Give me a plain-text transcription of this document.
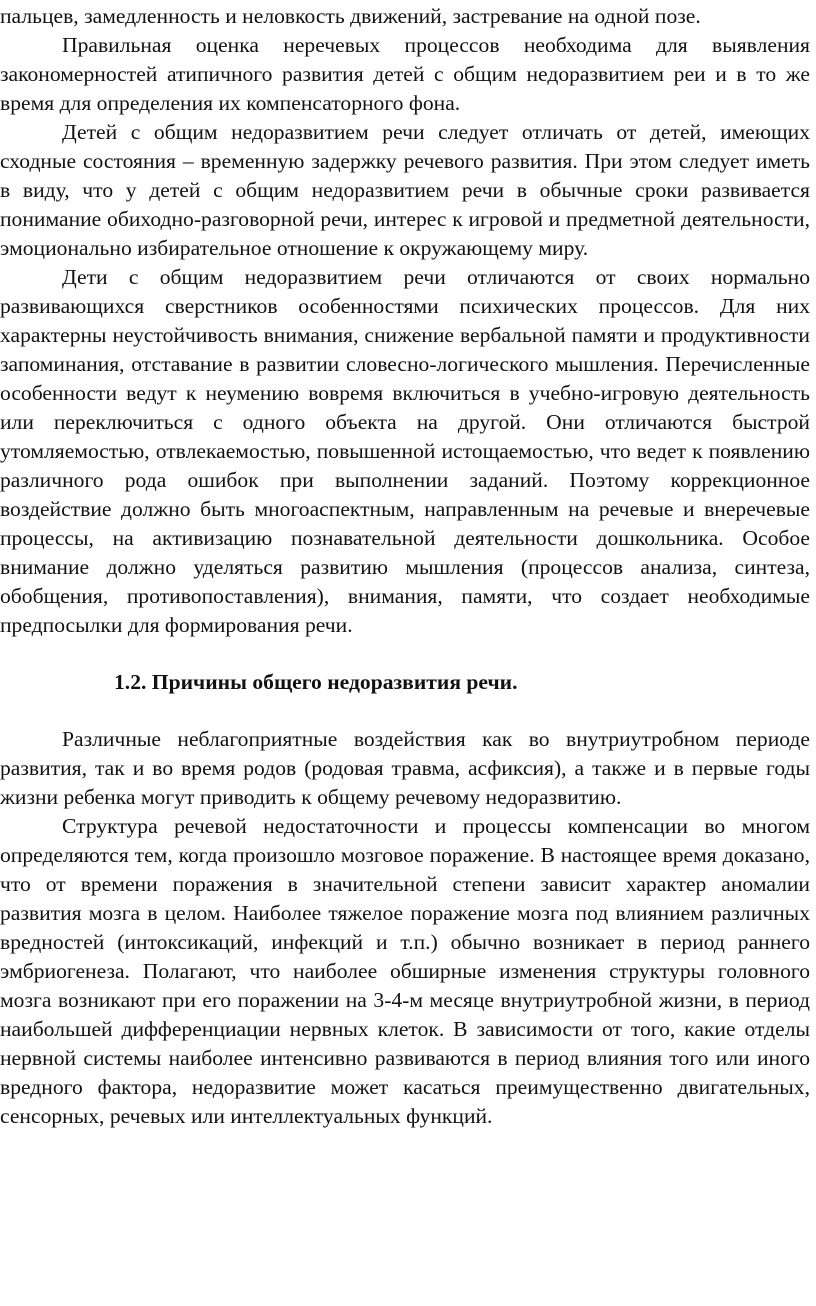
пальцев, замедленность и неловкость движений, застревание на одной позе.

Правильная оценка неречевых процессов необходима для выявления закономерностей атипичного развития детей с общим недоразвитием реи и в то же время для определения их компенсаторного фона.

Детей с общим недоразвитием речи следует отличать от детей, имеющих сходные состояния – временную задержку речевого развития. При этом следует иметь в виду, что у детей с общим недоразвитием речи в обычные сроки развивается понимание обиходно-разговорной речи, интерес к игровой и предметной деятельности, эмоционально избирательное отношение к окружающему миру.

Дети с общим недоразвитием речи отличаются от своих нормально развивающихся сверстников особенностями психических процессов. Для них характерны неустойчивость внимания, снижение вербальной памяти и продуктивности запоминания, отставание в развитии словесно-логического мышления. Перечисленные особенности ведут к неумению вовремя включиться в учебно-игровую деятельность или переключиться с одного объекта на другой. Они отличаются быстрой утомляемостью, отвлекаемостью, повышенной истощаемостью, что ведет к появлению различного рода ошибок при выполнении заданий. Поэтому коррекционное воздействие должно быть многоаспектным, направленным на речевые и внеречевые процессы, на активизацию познавательной деятельности дошкольника. Особое внимание должно уделяться развитию мышления (процессов анализа, синтеза, обобщения, противопоставления), внимания, памяти, что создает необходимые предпосылки для формирования речи.

1.2. Причины общего недоразвития речи.

Различные неблагоприятные воздействия как во внутриутробном периоде развития, так и во время родов (родовая травма, асфиксия), а также и в первые годы жизни ребенка могут приводить к общему речевому недоразвитию.

Структура речевой недостаточности и процессы компенсации во многом определяются тем, когда произошло мозговое поражение. В настоящее время доказано, что от времени поражения в значительной степени зависит характер аномалии развития мозга в целом. Наиболее тяжелое поражение мозга под влиянием различных вредностей (интоксикаций, инфекций и т.п.) обычно возникает в период раннего эмбриогенеза. Полагают, что наиболее обширные изменения структуры головного мозга возникают при его поражении на 3-4-м месяце внутриутробной жизни, в период наибольшей дифференциации нервных клеток. В зависимости от того, какие отделы нервной системы наиболее интенсивно развиваются в период влияния того или иного вредного фактора, недоразвитие может касаться преимущественно двигательных, сенсорных, речевых или интеллектуальных функций.
